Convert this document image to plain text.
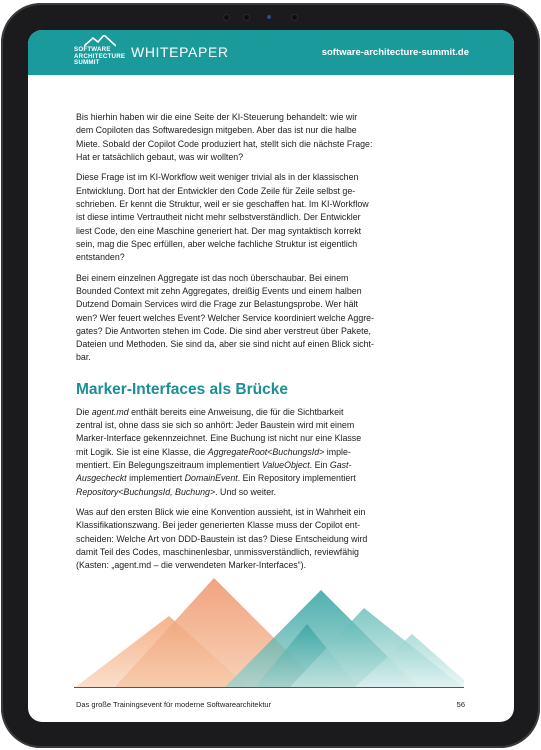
SOFTWARE
ARCHITECTURE
SUMMIT
WHITEPAPER	software-architecture-summit.de

Bis hierhin haben wir die eine Seite der KI-Steuerung behandelt: wie wir
dem Copiloten das Softwaredesign mitgeben. Aber das ist nur die halbe
Miete. Sobald der Copilot Code produziert hat, stellt sich die nächste Frage:
Hat er tatsächlich gebaut, was wir wollten?

Diese Frage ist im KI-Workflow weit weniger trivial als in der klassischen
Entwicklung. Dort hat der Entwickler den Code Zeile für Zeile selbst ge-
schrieben. Er kennt die Struktur, weil er sie geschaffen hat. Im KI-Workflow
ist diese intime Vertrautheit nicht mehr selbstverständlich. Der Entwickler
liest Code, den eine Maschine generiert hat. Der mag syntaktisch korrekt
sein, mag die Spec erfüllen, aber welche fachliche Struktur ist eigentlich
entstanden?

Bei einem einzelnen Aggregate ist das noch überschaubar. Bei einem
Bounded Context mit zehn Aggregates, dreißig Events und einem halben
Dutzend Domain Services wird die Frage zur Belastungsprobe. Wer hält
wen? Wer feuert welches Event? Welcher Service koordiniert welche Aggre-
gates? Die Antworten stehen im Code. Die sind aber verstreut über Pakete,
Dateien und Methoden. Sie sind da, aber sie sind nicht auf einen Blick sicht-
bar.

Marker-Interfaces als Brücke

Die agent.md enthält bereits eine Anweisung, die für die Sichtbarkeit
zentral ist, ohne dass sie sich so anhört: Jeder Baustein wird mit einem
Marker-Interface gekennzeichnet. Eine Buchung ist nicht nur eine Klasse
mit Logik. Sie ist eine Klasse, die AggregateRoot<BuchungsId> imple-
mentiert. Ein Belegungszeitraum implementiert ValueObject. Ein Gast-
Ausgecheckt implementiert DomainEvent. Ein Repository implementiert
Repository<BuchungsId, Buchung>. Und so weiter.

Was auf den ersten Blick wie eine Konvention aussieht, ist in Wahrheit ein
Klassifikationszwang. Bei jeder generierten Klasse muss der Copilot ent-
scheiden: Welche Art von DDD-Baustein ist das? Diese Entscheidung wird
damit Teil des Codes, maschinenlesbar, unmissverständlich, reviewfähig
(Kasten: „agent.md – die verwendeten Marker-Interfaces“).

Das große Trainingsevent für moderne Softwarearchitektur	56
